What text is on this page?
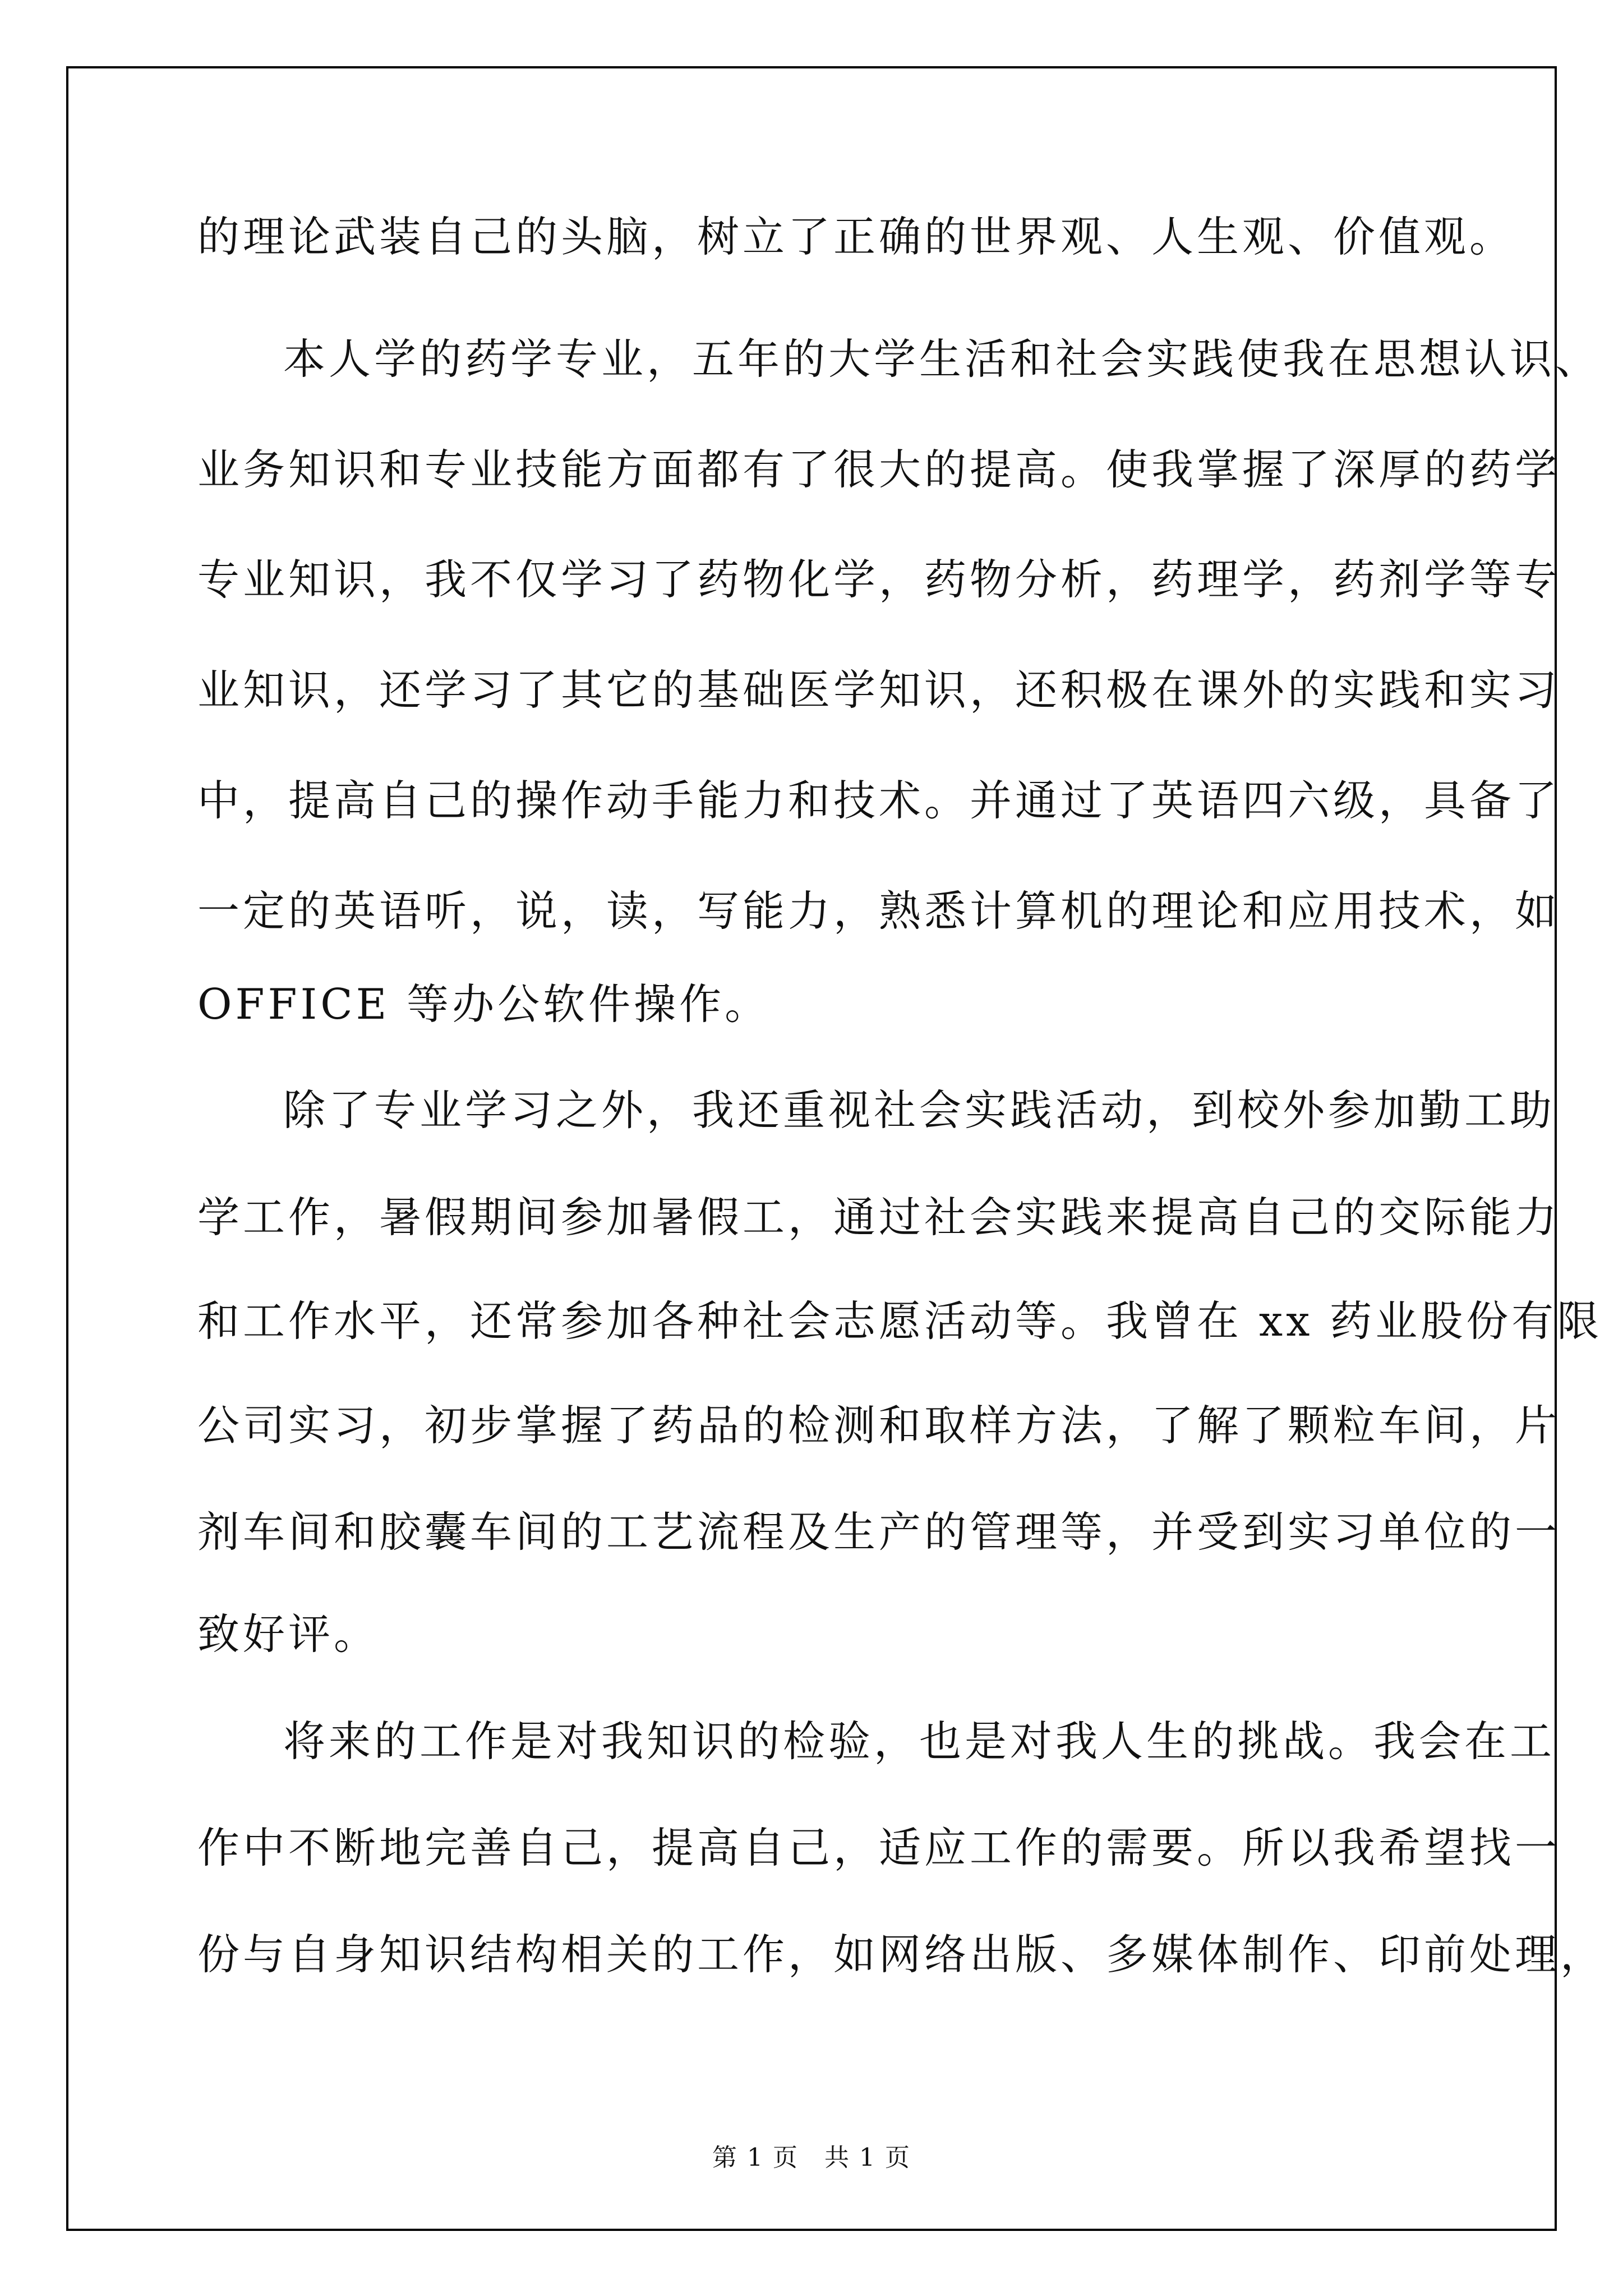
的理论武装自己的头脑，树立了正确的世界观、人生观、价值观。
本人学的药学专业，五年的大学生活和社会实践使我在思想认识、
业务知识和专业技能方面都有了很大的提高。使我掌握了深厚的药学
专业知识，我不仅学习了药物化学，药物分析，药理学，药剂学等专
业知识，还学习了其它的基础医学知识，还积极在课外的实践和实习
中，提高自己的操作动手能力和技术。并通过了英语四六级，具备了
一定的英语听，说，读，写能力，熟悉计算机的理论和应用技术，如
OFFICE 等办公软件操作。
除了专业学习之外，我还重视社会实践活动，到校外参加勤工助
学工作，暑假期间参加暑假工，通过社会实践来提高自己的交际能力
和工作水平，还常参加各种社会志愿活动等。我曾在 xx 药业股份有限
公司实习，初步掌握了药品的检测和取样方法，了解了颗粒车间，片
剂车间和胶囊车间的工艺流程及生产的管理等，并受到实习单位的一
致好评。
将来的工作是对我知识的检验，也是对我人生的挑战。我会在工
作中不断地完善自己，提高自己，适应工作的需要。所以我希望找一
份与自身知识结构相关的工作，如网络出版、多媒体制作、印前处理，
第 1 页　共 1 页
